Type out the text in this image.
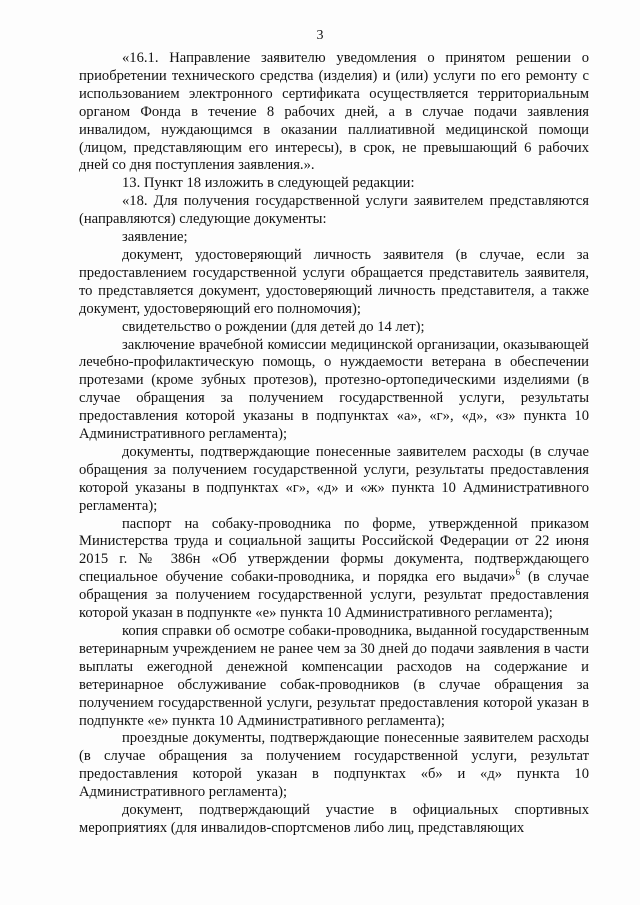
3

«16.1. Направление заявителю уведомления о принятом решении о приобретении технического средства (изделия) и (или) услуги по его ремонту с использованием электронного сертификата осуществляется территориальным органом Фонда в течение 8 рабочих дней, а в случае подачи заявления инвалидом, нуждающимся в оказании паллиативной медицинской помощи (лицом, представляющим его интересы), в срок, не превышающий 6 рабочих дней со дня поступления заявления.».

13. Пункт 18 изложить в следующей редакции:

«18. Для получения государственной услуги заявителем представляются (направляются) следующие документы:

заявление;

документ, удостоверяющий личность заявителя (в случае, если за предоставлением государственной услуги обращается представитель заявителя, то представляется документ, удостоверяющий личность представителя, а также документ, удостоверяющий его полномочия);

свидетельство о рождении (для детей до 14 лет);

заключение врачебной комиссии медицинской организации, оказывающей лечебно-профилактическую помощь, о нуждаемости ветерана в обеспечении протезами (кроме зубных протезов), протезно-ортопедическими изделиями (в случае обращения за получением государственной услуги, результаты предоставления которой указаны в подпунктах «а», «г», «д», «з» пункта 10 Административного регламента);

документы, подтверждающие понесенные заявителем расходы (в случае обращения за получением государственной услуги, результаты предоставления которой указаны в подпунктах «г», «д» и «ж» пункта 10 Административного регламента);

паспорт на собаку-проводника по форме, утвержденной приказом Министерства труда и социальной защиты Российской Федерации от 22 июня 2015 г. № 386н «Об утверждении формы документа, подтверждающего специальное обучение собаки-проводника, и порядка его выдачи»$^6$ (в случае обращения за получением государственной услуги, результат предоставления которой указан в подпункте «е» пункта 10 Административного регламента);

копия справки об осмотре собаки-проводника, выданной государственным ветеринарным учреждением не ранее чем за 30 дней до подачи заявления в части выплаты ежегодной денежной компенсации расходов на содержание и ветеринарное обслуживание собак-проводников (в случае обращения за получением государственной услуги, результат предоставления которой указан в подпункте «е» пункта 10 Административного регламента);

проездные документы, подтверждающие понесенные заявителем расходы (в случае обращения за получением государственной услуги, результат предоставления которой указан в подпунктах «б» и «д» пункта 10 Административного регламента);

документ, подтверждающий участие в официальных спортивных мероприятиях (для инвалидов-спортсменов либо лиц, представляющих
